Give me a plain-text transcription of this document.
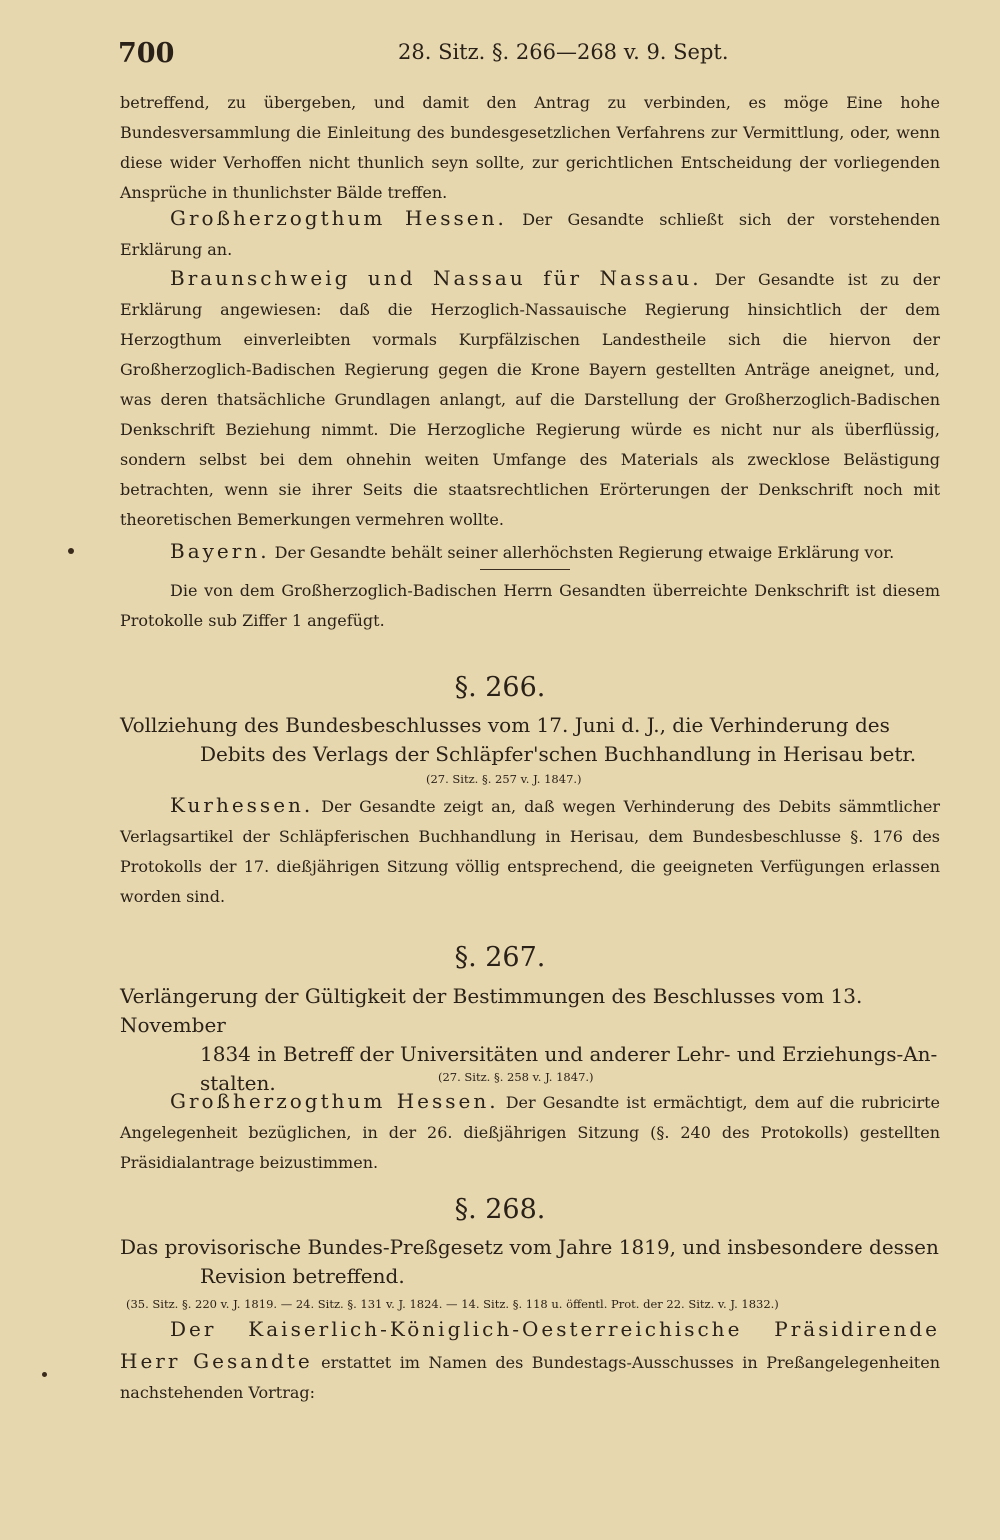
700	28. Sitz. §. 266—268 v. 9. Sept.

betreffend, zu übergeben, und damit den Antrag zu verbinden, es möge Eine hohe Bundesversammlung die Einleitung des bundesgesetzlichen Verfahrens zur Vermittlung, oder, wenn diese wider Verhoffen nicht thunlich seyn sollte, zur gerichtlichen Entscheidung der vorliegenden Ansprüche in thunlichster Bälde treffen.

Großherzogthum Hessen. Der Gesandte schließt sich der vorstehenden Erklärung an.

Braunschweig und Nassau für Nassau. Der Gesandte ist zu der Erklärung angewiesen: daß die Herzoglich-Nassauische Regierung hinsichtlich der dem Herzogthum einverleibten vormals Kurpfälzischen Landestheile sich die hiervon der Großherzoglich-Badischen Regierung gegen die Krone Bayern gestellten Anträge aneignet, und, was deren thatsächliche Grundlagen anlangt, auf die Darstellung der Großherzoglich-Badischen Denkschrift Beziehung nimmt. Die Herzogliche Regierung würde es nicht nur als überflüssig, sondern selbst bei dem ohnehin weiten Umfange des Materials als zwecklose Belästigung betrachten, wenn sie ihrer Seits die staatsrechtlichen Erörterungen der Denkschrift noch mit theoretischen Bemerkungen vermehren wollte.

Bayern. Der Gesandte behält seiner allerhöchsten Regierung etwaige Erklärung vor.

Die von dem Großherzoglich-Badischen Herrn Gesandten überreichte Denkschrift ist diesem Protokolle sub Ziffer 1 angefügt.

§. 266.
Vollziehung des Bundesbeschlusses vom 17. Juni d. J., die Verhinderung des
Debits des Verlags der Schläpfer'schen Buchhandlung in Herisau betr.
(27. Sitz. §. 257 v. J. 1847.)

Kurhessen. Der Gesandte zeigt an, daß wegen Verhinderung des Debits sämmtlicher Verlagsartikel der Schläpferischen Buchhandlung in Herisau, dem Bundesbeschlusse §. 176 des Protokolls der 17. dießjährigen Sitzung völlig entsprechend, die geeigneten Verfügungen erlassen worden sind.

§. 267.
Verlängerung der Gültigkeit der Bestimmungen des Beschlusses vom 13. November
1834 in Betreff der Universitäten und anderer Lehr- und Erziehungs-An-
stalten.	(27. Sitz. §. 258 v. J. 1847.)

Großherzogthum Hessen. Der Gesandte ist ermächtigt, dem auf die rubricirte Angelegenheit bezüglichen, in der 26. dießjährigen Sitzung (§. 240 des Protokolls) gestellten Präsidialantrage beizustimmen.

§. 268.
Das provisorische Bundes-Preßgesetz vom Jahre 1819, und insbesondere dessen
Revision betreffend.
(35. Sitz. §. 220 v. J. 1819. — 24. Sitz. §. 131 v. J. 1824. — 14. Sitz. §. 118 u. öffentl. Prot. der 22. Sitz. v. J. 1832.)

Der Kaiserlich-Königlich-Oesterreichische Präsidirende Herr Gesandte erstattet im Namen des Bundestags-Ausschusses in Preßangelegenheiten nachstehenden Vortrag:
